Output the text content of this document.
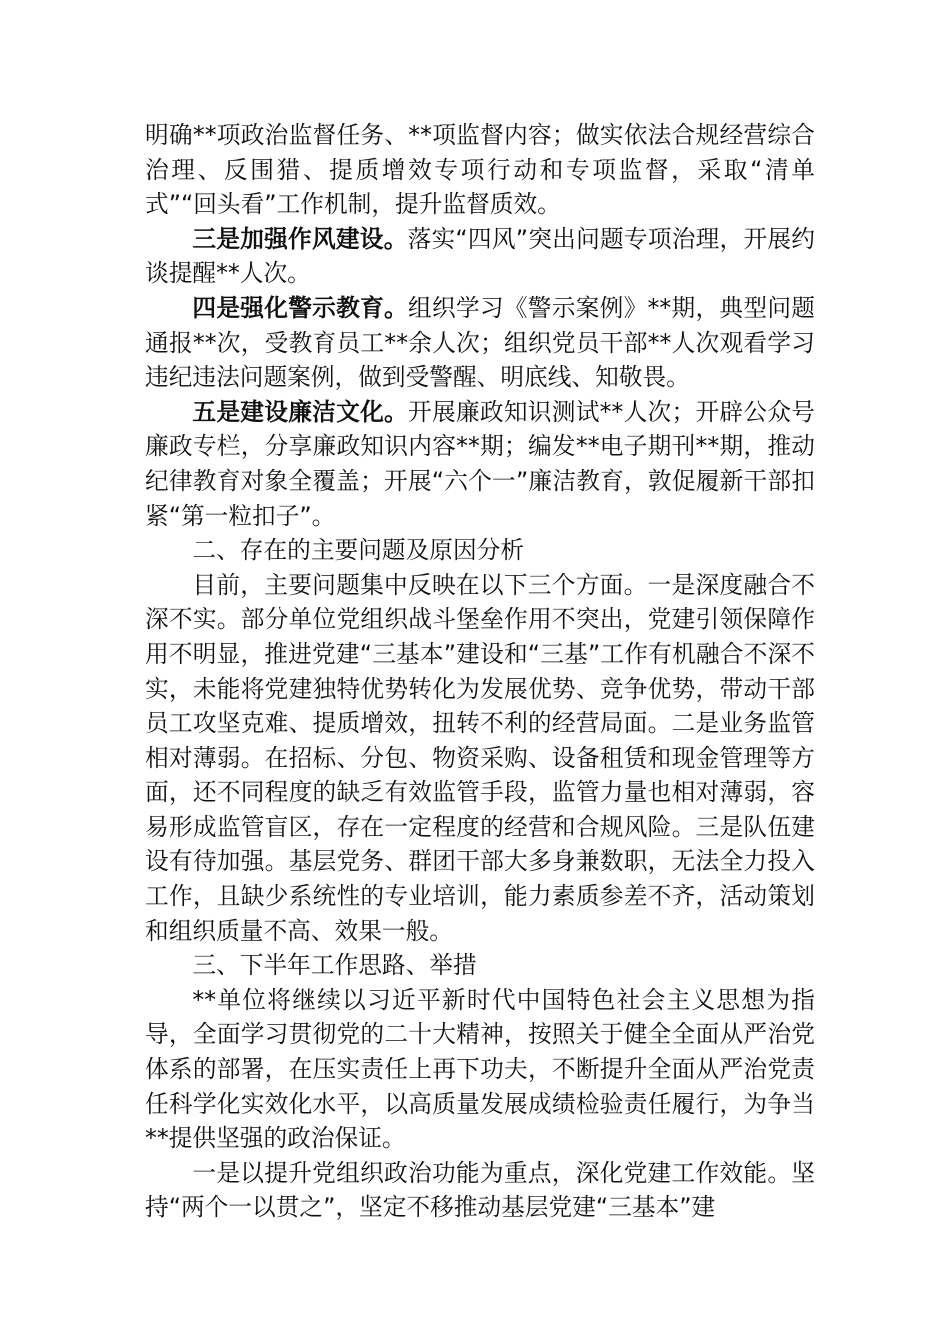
明确**项政治监督任务、**项监督内容；做实依法合规经营综合治理、反围猎、提质增效专项行动和专项监督，采取“清单式”“回头看”工作机制，提升监督质效。

三是加强作风建设。落实“四风”突出问题专项治理，开展约谈提醒**人次。

四是强化警示教育。组织学习《警示案例》**期，典型问题通报**次，受教育员工**余人次；组织党员干部**人次观看学习违纪违法问题案例，做到受警醒、明底线、知敬畏。

五是建设廉洁文化。开展廉政知识测试**人次；开辟公众号廉政专栏，分享廉政知识内容**期；编发**电子期刊**期，推动纪律教育对象全覆盖；开展“六个一”廉洁教育，敦促履新干部扣紧“第一粒扣子”。

二、存在的主要问题及原因分析

目前，主要问题集中反映在以下三个方面。一是深度融合不深不实。部分单位党组织战斗堡垒作用不突出，党建引领保障作用不明显，推进党建“三基本”建设和“三基”工作有机融合不深不实，未能将党建独特优势转化为发展优势、竞争优势，带动干部员工攻坚克难、提质增效，扭转不利的经营局面。二是业务监管相对薄弱。在招标、分包、物资采购、设备租赁和现金管理等方面，还不同程度的缺乏有效监管手段，监管力量也相对薄弱，容易形成监管盲区，存在一定程度的经营和合规风险。三是队伍建设有待加强。基层党务、群团干部大多身兼数职，无法全力投入工作，且缺少系统性的专业培训，能力素质参差不齐，活动策划和组织质量不高、效果一般。

三、下半年工作思路、举措

**单位将继续以习近平新时代中国特色社会主义思想为指导，全面学习贯彻党的二十大精神，按照关于健全全面从严治党体系的部署，在压实责任上再下功夫，不断提升全面从严治党责任科学化实效化水平，以高质量发展成绩检验责任履行，为争当**提供坚强的政治保证。

一是以提升党组织政治功能为重点，深化党建工作效能。坚持“两个一以贯之”，坚定不移推动基层党建“三基本”建
